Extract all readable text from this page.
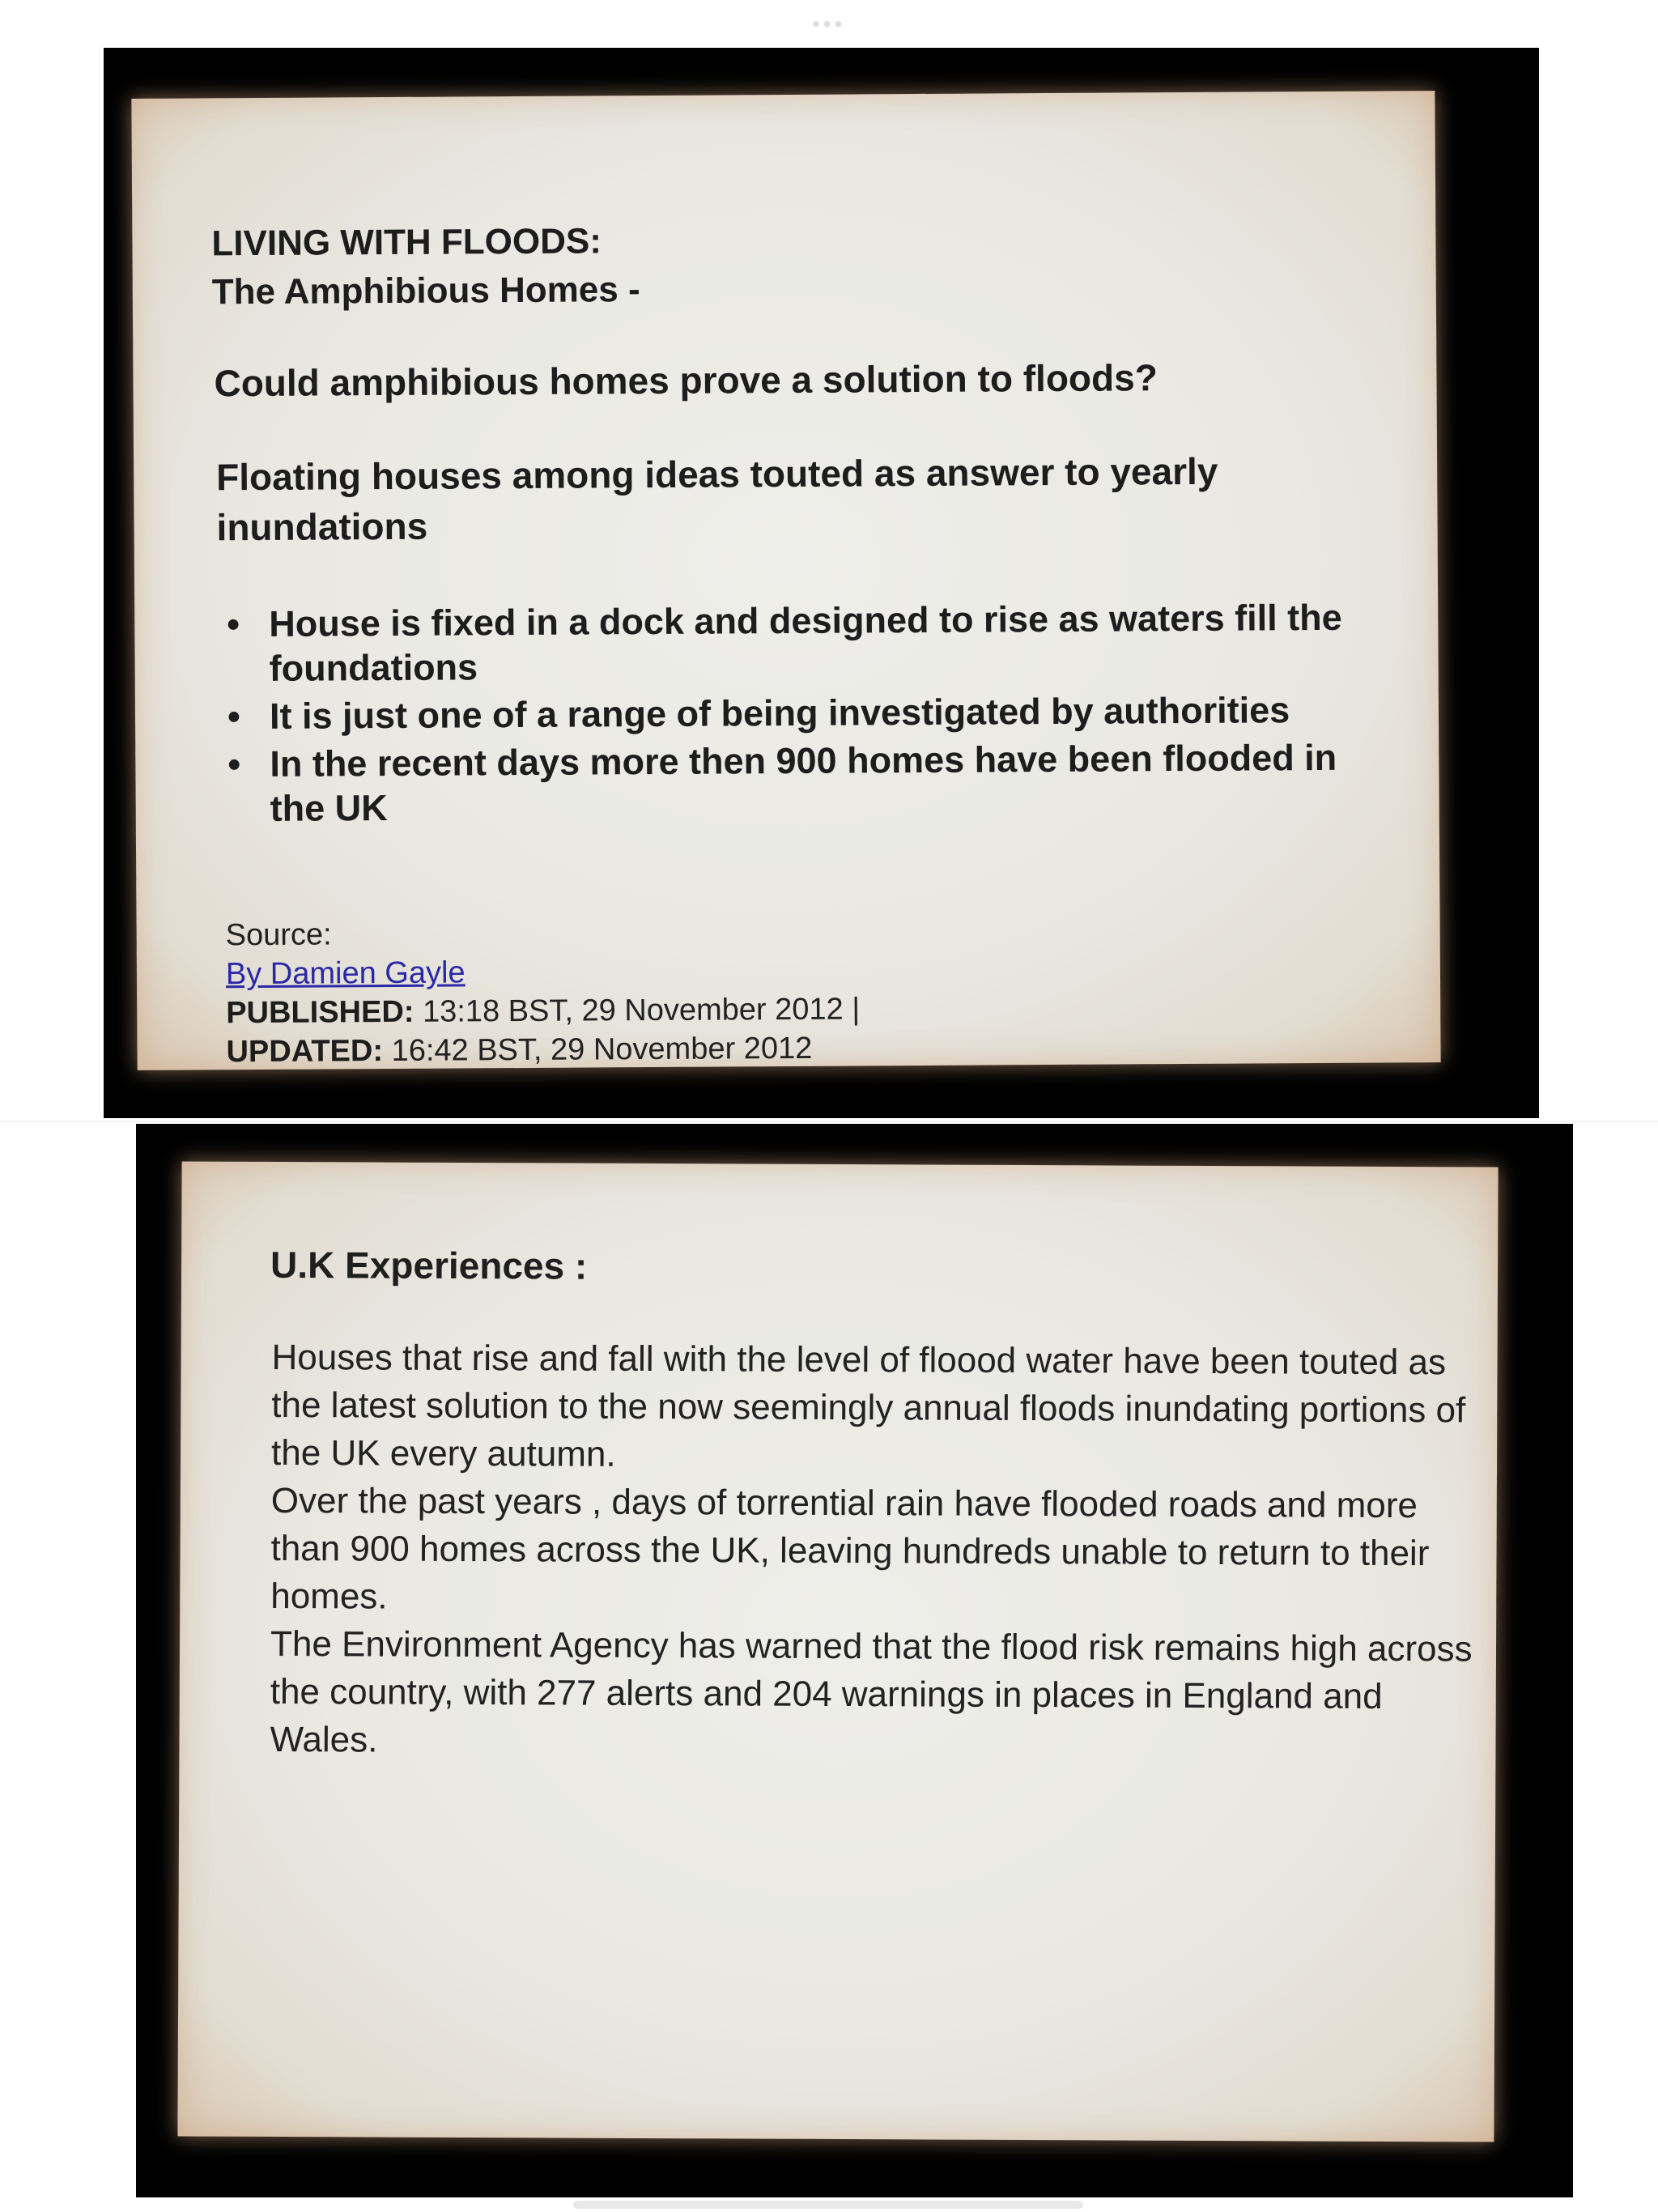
•••
LIVING WITH FLOODS:
The Amphibious Homes -
Could amphibious homes prove a solution to floods?
Floating houses among ideas touted as answer to yearly inundations
• House is fixed in a dock and designed to rise as waters fill the foundations
• It is just one of a range of being investigated by authorities
• In the recent days more then 900 homes have been flooded in the UK
Source:
By Damien Gayle
PUBLISHED: 13:18 BST, 29 November 2012 |
UPDATED: 16:42 BST, 29 November 2012
U.K Experiences :
Houses that rise and fall with the level of floood water have been touted as the latest solution to the now seemingly annual floods inundating portions of the UK every autumn.
Over the past years , days of torrential rain have flooded roads and more than 900 homes across the UK, leaving hundreds unable to return to their homes.
The Environment Agency has warned that the flood risk remains high across the country, with 277 alerts and 204 warnings in places in England and Wales.
